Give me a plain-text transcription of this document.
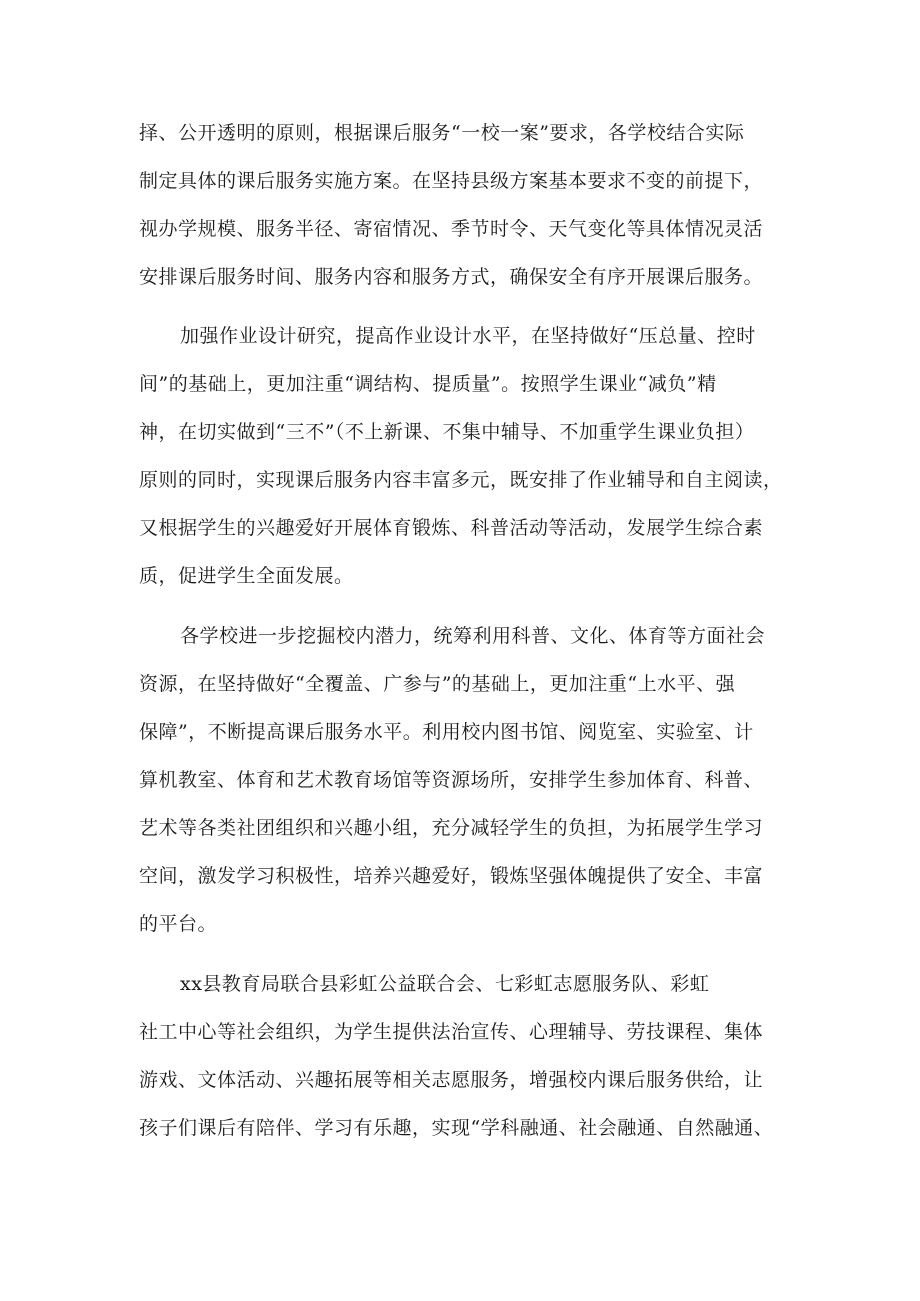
择、公开透明的原则，根据课后服务“一校一案”要求，各学校结合实际
制定具体的课后服务实施方案。在坚持县级方案基本要求不变的前提下，
视办学规模、服务半径、寄宿情况、季节时令、天气变化等具体情况灵活
安排课后服务时间、服务内容和服务方式，确保安全有序开展课后服务。
加强作业设计研究，提高作业设计水平，在坚持做好“压总量、控时
间”的基础上，更加注重“调结构、提质量”。按照学生课业“减负”精
神，在切实做到“三不”（不上新课、不集中辅导、不加重学生课业负担）
原则的同时，实现课后服务内容丰富多元，既安排了作业辅导和自主阅读，
又根据学生的兴趣爱好开展体育锻炼、科普活动等活动，发展学生综合素
质，促进学生全面发展。
各学校进一步挖掘校内潜力，统筹利用科普、文化、体育等方面社会
资源，在坚持做好“全覆盖、广参与”的基础上，更加注重“上水平、强
保障”，不断提高课后服务水平。利用校内图书馆、阅览室、实验室、计
算机教室、体育和艺术教育场馆等资源场所，安排学生参加体育、科普、
艺术等各类社团组织和兴趣小组，充分减轻学生的负担，为拓展学生学习
空间，激发学习积极性，培养兴趣爱好，锻炼坚强体魄提供了安全、丰富
的平台。
xx县教育局联合县彩虹公益联合会、七彩虹志愿服务队、彩虹
社工中心等社会组织，为学生提供法治宣传、心理辅导、劳技课程、集体
游戏、文体活动、兴趣拓展等相关志愿服务，增强校内课后服务供给，让
孩子们课后有陪伴、学习有乐趣，实现“学科融通、社会融通、自然融通、
